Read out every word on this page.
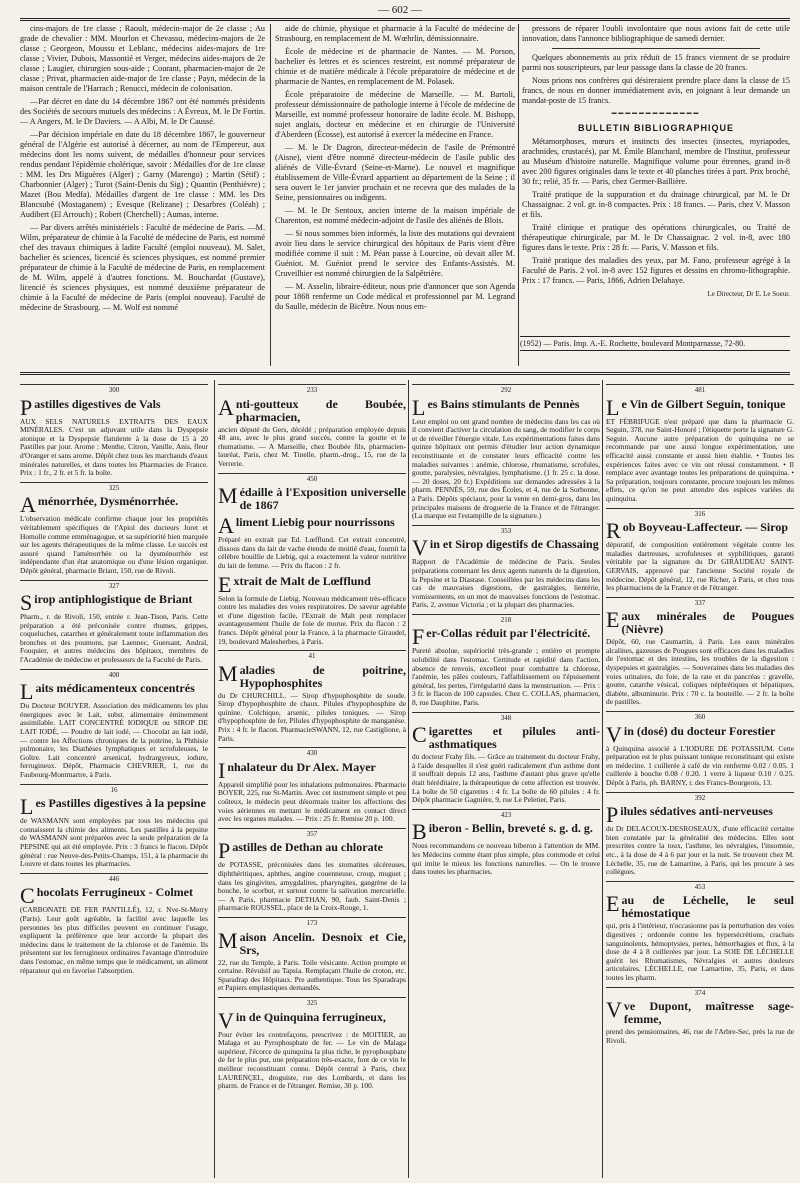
— 602 —

cins-majors de 1re classe ; Raoult, médecin-major de 2e classe ; Au grade de chevalier : MM. Mourlon et Chevassu, médecins-majors de 2e classe ; Georgeon, Moussu et Leblanc, médecins aides-majors de 1re classe ; Vivier, Dubois, Massontié et Verger, médecins aides-majors de 2e classe ; Laugier, chirurgien sous-aide ; Courant, pharmacien-major de 2e classe ; Privat, pharmacien aide-major de 1re classe ; Payn, médecin de la maison centrale de l'Harrach ; Renucci, médecin de colonisation.

—Par décret en date du 14 décembre 1867 ont été nommés présidents des Sociétés de secours mutuels des médecins : A Évreux, M. le Dr Fortin. — A Angers, M. le Dr Daviers. — A Albi, M. le Dr Caussé.

—Par décision impériale en date du 18 décembre 1867, le gouverneur général de l'Algérie est autorisé à décerner, au nom de l'Empereur, aux médecins dont les noms suivent, de médailles d'honneur pour services rendus pendant l'épidémie cholérique, savoir : Médailles d'or de 1re classe : MM. les Drs Miguères (Alger) ; Garny (Marengo) ; Martin (Sétif) ; Charbonnier (Alger) ; Turot (Saint-Denis du Sig) ; Quantin (Penthièvre) ; Mazet (Bou Medfa). Médailles d'argent de 1re classe : MM. les Drs Blancsubé (Mostaganem) ; Evesque (Relizane) ; Desarbres (Coléah) ; Audibert (El Arrouch) ; Robert (Cherchell) ; Aumas, interne.

— Par divers arrêtés ministériels : Faculté de médecine de Paris. —M. Wilm, préparateur de chimie à la Faculté de médecine de Paris, est nommé chef des travaux chimiques à ladite Faculté (emploi nouveau). M. Salet, bachelier ès sciences, licencié ès sciences physiques, est nommé premier préparateur de chimie à la Faculté de médecine de Paris, en remplacement de M. Wilm, appelé à d'autres fonctions. M. Bouchardat (Gustave), licencié ès sciences physiques, est nommé deuxième préparateur de chimie à la Faculté de médecine de Paris (emploi nouveau). Faculté de médecine de Strasbourg. — M. Wolf est nommé

aide de chimie, physique et pharmacie à la Faculté de médecine de Strasbourg, en remplacement de M. Wœhrlin, démissionnaire.

École de médecine et de pharmacie de Nantes. — M. Porson, bachelier ès lettres et ès sciences restreint, est nommé préparateur de chimie et de matière médicale à l'école préparatoire de médecine et de pharmacie de Nantes, en remplacement de M. Polasek.

École préparatoire de médecine de Marseille. — M. Bartoli, professeur démissionnaire de pathologie interne à l'école de médecine de Marseille, est nommé professeur honoraire de ladite école. M. Bishopp, sujet anglais, docteur en médecine et en chirurgie de l'Université d'Aberdeen (Écosse), est autorisé à exercer la médecine en France.

— M. le Dr Dagron, directeur-médecin de l'asile de Prémontré (Aisne), vient d'être nommé directeur-médecin de l'asile public des aliénés de Ville-Évrard (Seine-et-Marne). Le nouvel et magnifique établissement de Ville-Évrard appartient au département de la Seine ; il sera ouvert le 1er janvier prochain et ne recevra que des malades de la Seine, pensionnaires ou indigents.

— M. le Dr Sentoux, ancien interne de la maison impériale de Charenton, est nommé médecin-adjoint de l'asile des aliénés de Blois.

— Si nous sommes bien informés, la liste des mutations qui devraient avoir lieu dans le service chirurgical des hôpitaux de Paris vient d'être modifiée comme il suit : M. Péan passe à Lourcine, où devait aller M. Guéniot. M. Guéniot prend le service des Enfants-Assistés. M. Cruveilhier est nommé chirurgien de la Salpêtrière.

— M. Asselin, libraire-éditeur, nous prie d'annoncer que son Agenda pour 1868 renferme un Code médical et professionnel par M. Legrand du Saulle, médecin de Bicêtre. Nous nous em-

pressons de réparer l'oubli involontaire que nous avions fait de cette utile innovation, dans l'annonce bibliographique de samedi dernier.

Quelques abonnements au prix réduit de 15 francs viennent de se produire parmi nos souscripteurs, par leur passage dans la classe de 20 francs.

Nous prions nos confrères qui désireraient prendre place dans la classe de 15 francs, de nous en donner immédiatement avis, en joignant à leur demande un mandat-poste de 15 francs.

━━━━━━━━━━━━━
BULLETIN BIBLIOGRAPHIQUE

Métamorphoses, mœurs et instincts des insectes (insectes, myriapodes, arachnides, crustacés), par M. Émile Blanchard, membre de l'Institut, professeur au Muséum d'histoire naturelle. Magnifique volume pour étrennes, grand in-8 avec 200 figures originales dans le texte et 40 planches tirées à part. Prix broché, 30 fr.; relié, 35 fr. — Paris, chez Germer-Baillière.

Traité pratique de la suppuration et du drainage chirurgical, par M. le Dr Chassaignac. 2 vol. gr. in-8 compactes. Prix : 18 francs. — Paris, chez V. Masson et fils.

Traité clinique et pratique des opérations chirurgicales, ou Traité de thérapeutique chirurgicale, par M. le Dr Chassaignac. 2 vol. in-8, avec 180 figures dans le texte. Prix : 28 fr. — Paris, V. Masson et fils.

Traité pratique des maladies des yeux, par M. Fano, professeur agrégé à la Faculté de Paris. 2 vol. in-8 avec 152 figures et dessins en chromo-lithographie. Prix : 17 francs. — Paris, 1866, Adrien Delahaye.

Le Directeur, Dr E. Le Soeur.

(1952) — Paris. Imp. A.-E. Rochette, boulevard Montparnasse, 72-80.
300
Pastilles digestives de Vals
AUX SELS NATURELS EXTRAITS DES EAUX MINÉRALES. C'est un adjuvant utile dans la Dyspepsie atonique et la Dyspepsie flatulente à la dose de 15 à 20 Pastilles par jour. Arome : Menthe, Citron, Vanille, Anis, fleur d'Oranger et sans arome. Dépôt chez tous les marchands d'eaux minérales naturelles, et dans toutes les Pharmacies de France. Prix : 1 fr., 2 fr. et 5 fr. la boîte.
325
Aménorrhée, Dysménorrhée.
L'observation médicale confirme chaque jour les propriétés véritablement spécifiques de l'Apiol des docteurs Joret et Homolle comme emménagogue, et sa supériorité bien marquée sur les agents thérapeutiques de la même classe. Le succès est assuré quand l'aménorrhée ou la dysménorrhée est indépendante d'un état anatomique ou d'une lésion organique. Dépôt général, pharmacie Briant, 150, rue de Rivoli.
327
Sirop antiphlogistique de Briant
Pharm., r. de Rivoli, 150, entrée r. Jean-Tison, Paris. Cette préparation a été préconisée contre rhumes, grippes, coqueluches, catarrhes et généralement toute inflammation des bronches et des poumons, par Laennec, Guersant, Andral, Fouquier, et autres médecins des hôpitaux, membres de l'Académie de médecine et professeurs de la Faculté de Paris.
400
Laits médicamenteux concentrés
Du Docteur BOUYER. Association des médicaments les plus énergiques avec le Lait, subst. alimentaire éminemment assimilable. LAIT CONCENTRÉ IODIQUE ou SIROP DE LAIT IODÉ, — Poudre de lait iodé, — Chocolat au lait iodé, — contre les Affections chroniques de la poitrine, la Phthisie pulmonaire, les Diathèses lymphatiques et scrofuleuses, le Goître. Lait concentré arsenical, hydrargyreux, iodure, ferrugineux. Dépôt, Pharmacie CHEVRIER, 1, rue du Faubourg-Montmartre, à Paris.
16
Les Pastilles digestives à la pepsine
de WASMANN sont employées par tous les médecins qui connaissent la chimie des aliments. Les pastilles à la pepsine de WASMANN sont préparées avec la seule préparation de la PEPSINE qui ait été employée. Prix : 3 francs le flacon. Dépôt général : rue Neuve-des-Petits-Champs, 151, à la pharmacie du Louvre et dans toutes les pharmacies.
446
Chocolats Ferrugineux - Colmet
(CARBONATE DE FER PANTILLÉ), 12, r. Nve-St-Merry (Paris). Leur goût agréable, la facilité avec laquelle les personnes les plus difficiles peuvent en continuer l'usage, expliquent la préférence que leur accorde la plupart des médecins dans le traitement de la chlorose et de l'anémie. Ils présentent sur les ferrugineux ordinaires l'avantage d'introduire dans l'estomac, en même temps que le médicament, un aliment réparateur qui en favorise l'absorption.
233
Anti-goutteux de Boubée, pharmacien,
ancien député du Gers, décédé ; préparation employée depuis 48 ans, avec le plus grand succès, contre la goutte et le rhumatisme. — A Marseille, chez Boubée fils, pharmacien-lauréat, Paris, chez M. Tinelle, pharm.-drog., 15, rue de la Verrerie.
450
Médaille à l'Exposition universelle de 1867
Aliment Liebig pour nourrissons
Préparé en extrait par Ed. Lœfflund. Cet extrait concentré, dissous dans du lait de vache étendu de moitié d'eau, fournit la célèbre bouillie de Liebig, qui a exactement la valeur nutritive du lait de femme. — Prix du flacon : 2 fr.
Extrait de Malt de Lœfflund
Selon la formule de Liebig. Nouveau médicament très-efficace contre les maladies des voies respiratoires. De saveur agréable et d'une digestion facile, l'Extrait de Malt peut remplacer avantageusement l'huile de foie de morue. Prix du flacon : 2 francs. Dépôt général pour la France, à la pharmacie Giraudel, 19, boulevard Malesherbes, à Paris.
41
Maladies de poitrine, Hypophosphites
du Dr CHURCHILL. — Sirop d'hypophosphite de soude. Sirop d'hypophosphite de chaux. Pilules d'hypophosphite de quinine. Colchique, arsenic, pilules toniques. — Sirop d'hypophosphite de fer, Pilules d'hypophosphite de manganèse. Prix : 4 fr. le flacon. PharmacieSWANN, 12, rue Castiglione, à Paris.
430
Inhalateur du Dr Alex. Mayer
Appareil simplifié pour les inhalations pulmonaires. Pharmacie BOYER, 225, rue St-Martin. Avec cet instrument simple et peu coûteux, le médecin peut désormais traiter les affections des voies aériennes en mettant le médicament en contact direct avec les organes malades. — Prix : 25 fr. Remise 20 p. 100.
357
Pastilles de Dethan au chlorate
de POTASSE, préconisées dans les stomatites ulcéreuses, diphthéritiques, aphthes, angine couenneuse, croup, muguet ; dans les gingivites, amygdalites, pharyngites, gangrène de la bouche, le scorbut, et surtout contre la salivation mercurielle. — A Paris, pharmacie DETHAN, 90, faub. Saint-Denis ; pharmacie ROUSSEL, place de la Croix-Rouge, 1.
173
Maison Ancelin. Desnoix et Cie, Srs,
22, rue du Temple, à Paris. Toile vésicante. Action prompte et certaine. Révulsif au Tapsia. Remplaçant l'huile de croton, etc. Sparadrap des Hôpitaux. Pre authentique. Tous les Sparadraps et Papiers emplastiques demandés.
325
Vin de Quinquina ferrugineux,
Pour éviter les contrefaçons, prescrivez : de MOITIER, au Malaga et au Pyrophosphate de fer. — Le vin de Malaga supérieur, l'écorce de quinquina la plus riche, le pyrophosphate de fer le plus pur, une préparation très-exacte, font de ce vin le meilleur reconstituant connu. Dépôt central à Paris, chez LAURENÇEL, droguiste, rue des Lombards, et dans les pharm. de France et de l'étranger. Remise, 30 p. 100.
292
Les Bains stimulants de Pennès
Leur emploi ou ont grand nombre de médecins dans les cas où il convient d'activer la circulation du sang, de modifier le corps et de réveiller l'énergie vitale. Les expérimentations faites dans quinze hôpitaux ont permis d'étudier leur action dynamique reconstituante et de constater leurs efficacité contre les maladies suivantes : anémie, chlorose, rhumatisme, scrofules, goutte, paralysies, névralgies, lymphatisme. (1 fr. 25 c. la dose. — 20 doses, 20 fr.) Expéditions sur demandes adressées à la pharm. PENNÈS, 59, rue des Écoles, et 4, rue de la Sorbonne, à Paris. Dépôts spéciaux, pour la vente en demi-gros, dans les principales maisons de droguerie de la France et de l'étranger. (La marque est l'estampille de la signature.)
353
Vin et Sirop digestifs de Chassaing
Rapport de l'Académie de médecine de Paris. Seules préparations contenant les deux agents naturels de la digestion, la Pepsine et la Diastase. Conseillées par les médecins dans les cas de mauvaises digestions, de gastralgies, lientérie, vomissements, en un mot de mauvaises fonctions de l'estomac. Paris, 2, avenue Victoria ; et la plupart des pharmacies.
218
Fer-Collas réduit par l'électricité.
Pureté absolue, supériorité très-grande ; entière et prompte solubilité dans l'estomac. Certitude et rapidité dans l'action, absence de renvois, excellent pour combattre la chlorose, l'anémie, les pâles couleurs, l'affaiblissement ou l'épuisement général, les pertes, l'irrégularité dans la menstruation. — Prix : 3 fr. le flacon de 100 capsules. Chez C. COLLAS, pharmacien, 8, rue Dauphine, Paris.
348
Cigarettes et pilules anti-asthmatiques
du docteur Frahy fils. — Grâce au traitement du docteur Frahy, à l'aide desquelles il s'est guéri radicalement d'un asthme dont il souffrait depuis 12 ans, l'asthme d'autant plus grave qu'elle était héréditaire, la thérapeutique de cette affection est trouvée. La boîte de 50 cigarettes : 4 fr. La boîte de 60 pilules : 4 fr. Dépôt pharmacie Gagnière, 9, rue Le Peletier, Paris.
423
Biberon - Bellin, breveté s. g. d. g.
Nous recommandons ce nouveau biberon à l'attention de MM. les Médecins comme étant plus simple, plus commode et celui qui imite le mieux les fonctions naturelles. — On le trouve dans toutes les pharmacies.
481
Le Vin de Gilbert Seguin, tonique
ET FÉBRIFUGE n'est préparé que dans la pharmacie G. Seguin, 378, rue Saint-Honoré ; l'étiquette porte la signature G. Seguin. Aucune autre préparation de quinquina ne se recommande par une aussi longue expérimentation, une efficacité aussi constante et aussi bien établie. • Toutes les expériences faites avec ce vin ont réussi constamment. • Il remplace avec avantage toutes les préparations de quinquina. • Sa préparation, toujours constante, procure toujours les mêmes effets, ce qu'on ne peut attendre des espèces variées du quinquina.
316
Rob Boyveau-Laffecteur. — Sirop
dépuratif, de composition entièrement végétale contre les maladies dartreuses, scrofuleuses et syphilitiques, garanti véritable par la signature du Dr GIRAUDEAU SAINT-GERVAIS, approuvé par l'ancienne Société royale de médecine. Dépôt général, 12, rue Richer, à Paris, et chez tous les pharmaciens de la France et de l'étranger.
337
Eaux minérales de Pougues (Nièvre)
Dépôt, 60, rue Caumartin, à Paris. Les eaux minérales alcalines, gazeuses de Pougues sont efficaces dans les maladies de l'estomac et des intestins, les troubles de la digestion : dyspepsies et gastralgies. — Souveraines dans les maladies des voies urinaires, du foie, de la rate et du pancréas : gravelle, goutte, catarrhe vésical, coliques néphrétiques et hépatiques, diabète, albuminurie. Prix : 70 c. la bouteille. — 2 fr. la boîte de pastilles.
360
Vin (dosé) du docteur Forestier
à Quinquina associé à L'IODURE DE POTASSIUM. Cette préparation est le plus puissant tonique reconstituant qui existe en médecine. 1 cuillerée à café de vin renferme 0.02 / 0.05. 1 cuillerée à bouche 0.08 / 0.20. 1 verre à liqueur 0.10 / 0.25. Dépôt à Paris, ph. BARNY, r. des Francs-Bourgeois, 13.
392
Pilules sédatives anti-nerveuses
du Dr DELACOUX-DESROSEAUX, d'une efficacité certaine bien constatée par la généralité des médecins. Elles sont prescrites contre la toux, l'asthme, les névralgies, l'insomnie, etc., à la dose de 4 à 6 par jour et la nuit. Se trouvent chez M. Léchelle, 35, rue de Lamartine, à Paris, qui les procure à ses collègues.
453
Eau de Léchelle, le seul hémostatique
qui, pris à l'intérieur, n'occasionne pas la perturbation des voies digestives ; ordonnée contre les hypersécrétions, crachats sanguinolents, hémoptysies, pertes, hémorrhagies et flux, à la dose de 4 à 8 cuillerées par jour. La SOIE DE LÉCHELLE guérit les Rhumatismes, Névralgies et autres douleurs articulaires. LÉCHELLE, rue Lamartine, 35, Paris, et dans toutes les pharm.
374
Vve Dupont, maîtresse sage-femme,
prend des pensionnaires, 46, rue de l'Arbre-Sec, près la rue de Rivoli.
